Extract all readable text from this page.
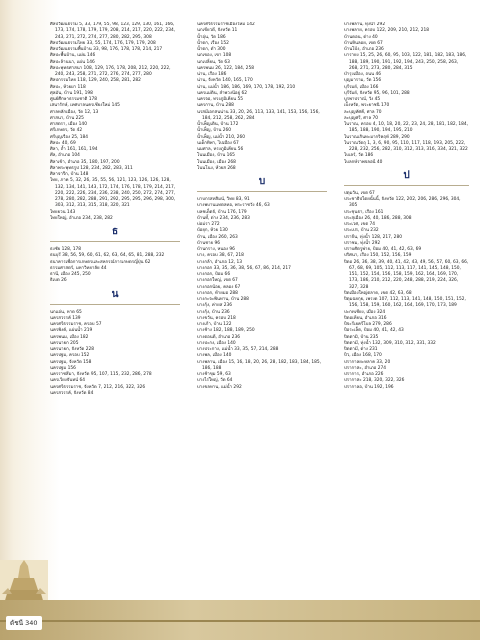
ดัชนี 340
ศิลปวัฒนธรรม 5, 33, 179, 55, 98, 123, 129, 130, 161, 166, 173, 174, 178, 179, 179, 208, 214, 217, 220, 222, 234, 243, 271, 272, 274, 277, 280, 282, 295, 308
ศิลปวัฒนธรรมไทย 33, 55, 174, 176, 179, 179, 208
ศิลปวัฒนธรรมพื้นบ้าน 33, 98, 176, 178, 178, 214, 217
ศิลปะพื้นบ้าน, แผ่น 146
ศิลปะล้านนา, แผ่น 146
ศิลปะพุทธศาสนา 108, 129, 176, 178, 208, 212, 220, 222, 240, 243, 258, 271, 272, 276, 274, 277, 280
ศิลปกรรมไทย 118, 129, 240, 258, 281, 282
ศิลปะ, ห้วยผา 118
ศุลมัน, บ้าน 191, 198
ศูนย์ศึกษาธรรมชาติ 178
เสนารักษ์, เทศบาลนครเชียงใหม่ 145
ศาลหลักเมือง, วัด 12, 13
ศาสนา, บ้าน 225
ศาสตรา, เมือง 140
ศรีเกษตร, วัด 42
ศรีบุญเรือง 25, 184
ศิลปะ 40, 69
ศิลา, ถ้ำ 161, 161, 194
ศีล, อำเภอ 104
ศิลาเข้า, อำเภอ 35, 180, 197, 200
ศิลาพระพุทธรูป 128, 234, 282, 283, 311
ศิลาจารึก, บ้าน 148
ไทย, ภาค 5, 32, 26, 35, 55, 56, 121, 123, 126, 126, 128, 132, 134, 141, 143, 172, 174, 176, 178, 179, 214, 217, 220, 222, 226, 234, 236, 238, 240, 250, 272, 274, 277, 278, 280, 282, 288, 291, 292, 295, 295, 296, 298, 300, 303, 312, 313, 315, 318, 320, 321
ไทยยวน 143
ไทยใหญ่, อำเภอ 234, 238, 282
ธ
ธงชัย 128, 178
ธนบุรี 38, 56, 59, 60, 61, 62, 63, 64, 65, 81, 288, 232
ธนาคารเพื่อการเกษตรและสหกรณ์การเกษตรญี่ปุ่น 62
ธรรมศาสตร์, มหาวิทยาลัย 44
ธานี, เมือง 245, 250
ธิเบต 26
น
นกแอ่น, หาด 65
นครสวรรค์ 139
นครศรีธรรมราช, ครอบ 57
นครพิงค์, แผ่นน้ำ 219
นครพนม, เมือง 182
นครนายก 205
นครนายก, จังหวัด 228
นครปฐม, ครอบ 152
นครปฐม, จังหวัด 158
นครปฐม 156
นครราชสีมา, จังหวัด 95, 107, 115, 232, 286, 278
นครเวียงจันทน์ 64
นครศรีธรรมราช, จังหวัด 7, 212, 216, 322, 326
นครสวรรค์, จังหวัด 84
นครศรีธรรมราชเมืองใหม่ 142
นกเขียวดี, จังหวัด 11
น้ำอุ่น, วัด 186
น้ำตก, เรือง 152
น้ำตก, ดำ 300
นกเของ, เขา 108
นกเปลี่ยน, วัด 63
นครพนม 26, 122, 184, 258
น่าน, เรือง 186
น่าน, จังหวัด 140, 165, 170
น่าน, แม่น้ำ 186, 186, 169, 170, 178, 192, 210
นครแม่ดิน, ลำพวงนีอยู่ 62
นครจอ, ทรงภูมิเคียน 55
นครกาน, บ้าน 288
นรสมีเอกสนน่าน 33, 20, 26, 113, 133, 141, 153, 156, 156, 184, 212, 258, 262, 284
น้ำเพ็ญเดิน, บ้าน 172
น้ำเพ็ญ, บ้าน 260
น้ำเพ็ญ, แม่น้ำ 210, 260
นเด็กทิพา, ไปเมือง 67
นมศาล, ทรงภูมิเคียน 56
โนนเมือง, บ้าน 165
โนนเมือง, เมือง 268
โนนโนง, ห้วยส 268
บ
บาบกรสทสิมน์, วิทย 83, 91
บางพบานแทตลทอ, พระราชวัง 46, 63
บลชเด็ตจ์, บ้าน 176, 179
บ้านทั้, ต่าง 234, 236, 283
บ่อม่รา 272
บ้อยุก, ห้วย 130
บ้าน, เมือง 260, 263
บ้านชาย 96
บ้านกราง, หนอง 96
บาง, ครอบ 38, 67, 218
บางกล้า, อำเภอ 12, 13
บางกอก 33, 35, 36, 38, 56, 67, 86, 214, 217
บางกอก, ป้อม 66
บางกอกใหญ่, เขต 67
บางกอกน้อย, คลอง 67
บางกอก, ท้ายมอ 288
บางกะจะพินทาน, บ้าน 288
บางกุ้ง, ค่ายส 236
บางกุ้ง, บ้าน 236
บางขวัน, ครอบ 218
บางเก้า, บ้าน 122
บางช้าง 182, 188, 189, 250
บางตอนดี, อำเภอ 236
บางปะกง, เมือง 140
บางประกาง, แม่น้ำ 33, 35, 57, 214, 288
บางพล, เมือง 140
บางพลาน, เมือง 15, 16, 18, 20, 26, 28, 182, 183, 184, 185, 186, 188
บางช้าขุม 59, 63
บางไร่ใหญ่, วัด 64
บางขลหาน, แม่น้ำ 292
บางพลาน, ทุ่งน้ำ 292
บางพลาย, ครอบ 122, 209, 210, 212, 218
บ้านดอน, ต่าง 40
บ้านหินลอย, เขต 67
บ้านโบ้ง, อำเภอ 236
บารายง 15, 25, 26, 60, 95, 103, 122, 181, 182, 183, 186, 188, 189, 190, 191, 192, 194, 243, 250, 258, 263, 268, 271, 273, 280, 284, 315
บำรุงเมือง, ถนน 46
บุญมาราม, วัด 156
บุรีรมย์, เมือง 166
บุรีรัมย์, จังหวัด 95, 96, 101, 288
บูรพาปราณ์, วัง 45
เบ็งหรัต, พระยาชนิ 170
ละบุญทัศคี, ศาล 70
ละบุญศรี, ศาล 70
ไนราณ, ครอบ 4, 10, 18, 20, 22, 23, 24, 28, 181, 182, 184, 185, 188, 190, 194, 195, 210
ไนราณเกินทะมากริคฤห์ 289, 290
ไนราณวัตถุ 1, 3, 6, 90, 95, 110, 117, 118, 193, 205, 222, 228, 232, 256, 282, 310, 312, 313, 316, 334, 321, 322
ไบเลร์, วัด 186
ไบลกษ์ราพจลอนี 40
ป
ปตุมวัน, เขต 67
ประชาธิปไตยนั้นนี้, จังหวัด 122, 202, 206, 286, 296, 304, 305
ประชุนธา, เรือง 161
ประสุเมือง 26, 40, 186, 288, 308
ประเวศ, เขต 74
ประเปร, บ้าน 232
ปราจีน, ทุ่งน้ำ 128, 217, 280
ปราชม, ทุ่งน้ำ 292
ปราบศัตรูพ่าย, ป้อม 40, 41, 42, 63, 69
ปริศนา, เรือง 150, 152, 156, 159
ปิดอ 26, 36, 38, 39, 40, 41, 42, 43, 49, 56, 57, 60, 63, 66, 67, 68, 69, 105, 112, 113, 117, 141, 145, 148, 150, 151, 152, 154, 156, 158, 159, 162, 164, 169, 170, 173, 186, 210, 212, 220, 248, 288, 219, 224, 326, 327, 328
ปิดเมืองใหญ่ตลาด, เขต 42, 63, 68
ปิตุมฉยกุย, เพรงด 107, 112, 113, 141, 148, 150, 151, 152, 156, 158, 159, 160, 162, 164, 169, 170, 173, 189
ปะกทเชียง, เมือง 324
ปิดอเทียน, อำเภอ 316
ปีจะรีเยครีโบล 279, 286
ปีอระเล็ต, ป้อม 40, 41, 42, 43
ปิดตามิ, บ้าน 235
ปิดตามี, ทุ่งน้ำ 132, 309, 310, 312, 331, 332
ปิดตามี, ต่าง 231
ปีว, เมือง 168, 170
ปรากาลยะหลาค 33, 20
ปรากาสะ, อำเภอ 274
ปราการ, อำเภอ 226
ปรากาสะ 218, 320, 322, 326
ปรากาลอ, บ้าน 192, 196
